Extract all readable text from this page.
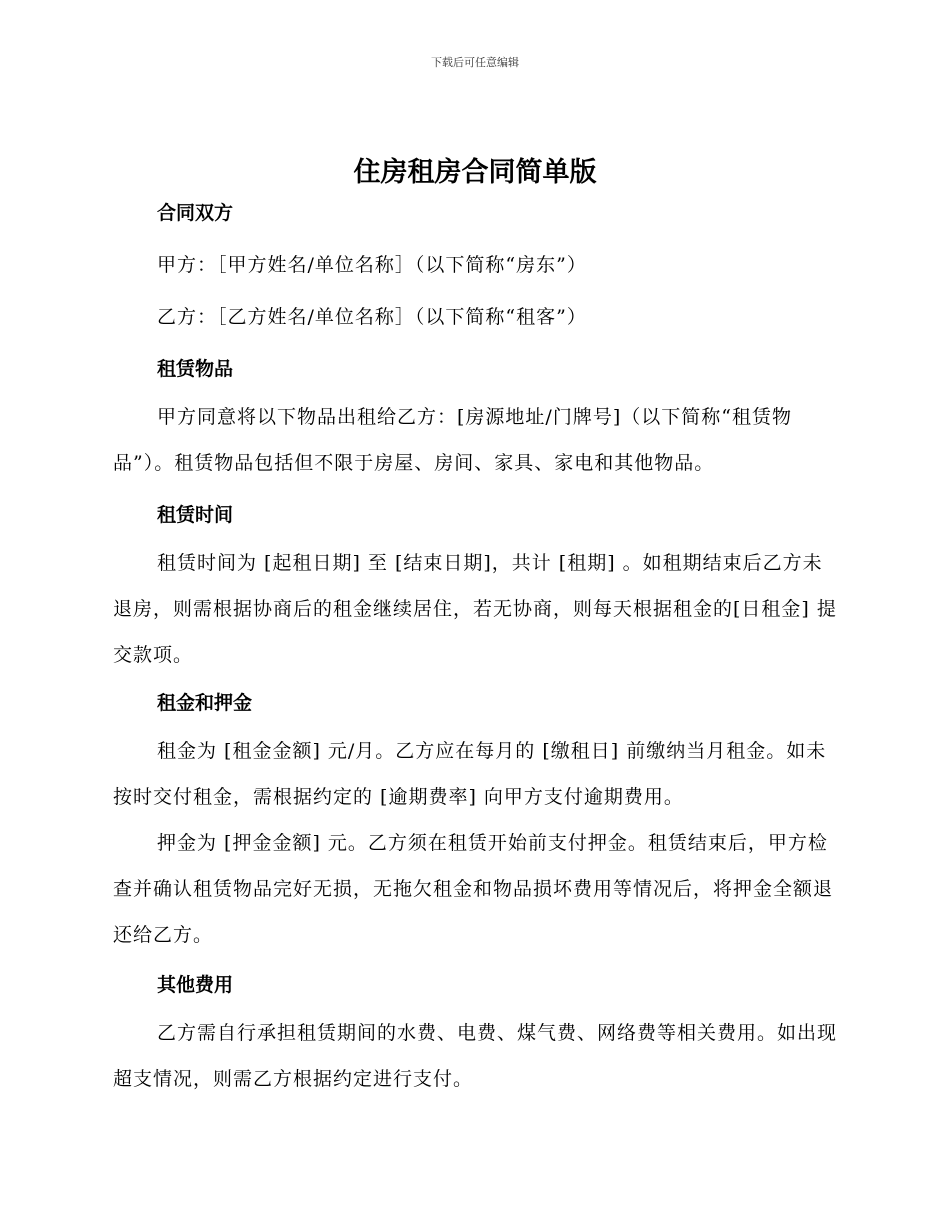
下载后可任意编辑
住房租房合同简单版
合同双方

甲方：［甲方姓名/单位名称］（以下简称“房东”）

乙方：［乙方姓名/单位名称］（以下简称“租客”）

租赁物品

甲方同意将以下物品出租给乙方：[房源地址/门牌号]（以下简称“租赁物品”）。租赁物品包括但不限于房屋、房间、家具、家电和其他物品。

租赁时间

租赁时间为 [起租日期] 至 [结束日期]，共计 [租期] 。如租期结束后乙方未退房，则需根据协商后的租金继续居住，若无协商，则每天根据租金的[日租金] 提交款项。

租金和押金

租金为 [租金金额] 元/月。乙方应在每月的 [缴租日] 前缴纳当月租金。如未按时交付租金，需根据约定的 [逾期费率] 向甲方支付逾期费用。

押金为 [押金金额] 元。乙方须在租赁开始前支付押金。租赁结束后，甲方检查并确认租赁物品完好无损，无拖欠租金和物品损坏费用等情况后，将押金全额退还给乙方。

其他费用

乙方需自行承担租赁期间的水费、电费、煤气费、网络费等相关费用。如出现超支情况，则需乙方根据约定进行支付。
